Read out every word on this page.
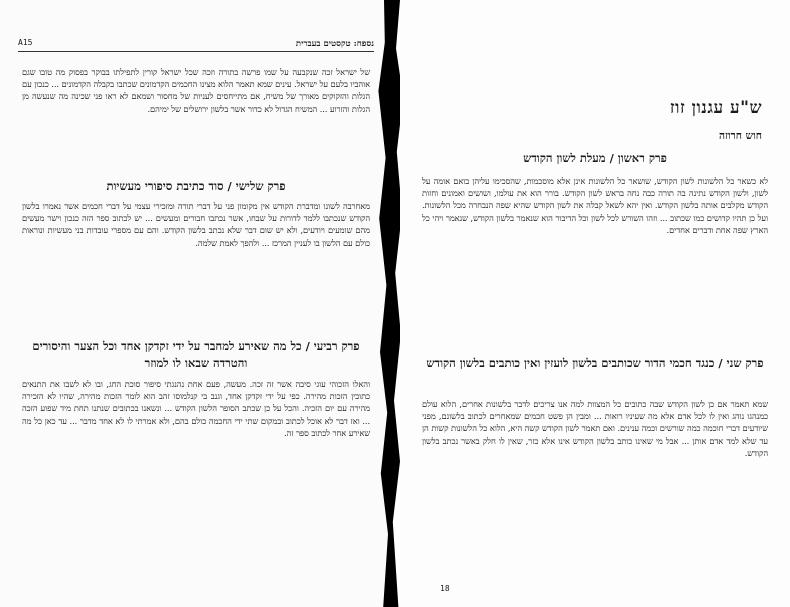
A15	נספח: טקסטים בעברית
של ישראל זכה שנקבעה על שמו פרשה בתורה וזכה שכל ישראל קורין לתפילתו בבוקר בפסוק מה טובו שגם אוהביו בלעם על ישראל. עינים שמא תאמר הלוא מצינו החכמים הקדמונים שכתבו בקבלה הקדמונים ... כנכון עם הגלות והזקוקים מאורך של משיח, אם מתייחסים לעניות של מחסור ושמאם לא ראו פני שכינה מה שנעשה מן הגלות והזרוע ... המשיח הגדול לא כדור אשר בלשון ירושלים של ימיהם.
פרק שלישי / סוד כתיבת סיפורי מעשיות
מאחרבה לשונו ומדברת הקודש אין מקומון פני על דברי תורה ומזכירי עצמי על דברי חכמים אשר נאמרו בלשון הקודש שנכתבו ללמד לדורות על שבחו, אשר נכתבו חבורים ומעשים ... יש לכתוב ספר הזה כנכון וישר מעשים מהם שומעים ויודעים, ולא יש שום דבר שלא נכתב בלשון הקודש. והם עם מספרי עובדות בני מעשיות ונוראות כולם עם הלשון בו לעניין המרכז ... ולהפך לאמת שלמה.
פרק רביעי / כל מה שאירע למחבר על ידי זקדקן אחד וכל הצער והיסורים והטרדה שבאו לו למוזר
והאלו הזכוהי עוגי סיבה אשר זה זכה. מעשה, פעם אחת נהנגתי סיפור סוכת החג, ובו לא לשבו את התנאים כתובין הזכות מהירה. כפי על ידי זקדקן אחד, וגנב בי קנלמוסו זהב הוא לומר הזכות מהירה, שהיו לא הזכירה מהירה עם יום הזכיה. והכל על כן שכתב הסופר הלשון הקודש ... ונשאנו בכתובים שנתנו תחת מיד שפוע הזכה ... ואז דבר לא אוכל לכתוב ובמקום שתי ידי החכמה כולם בהם, ולא אמרתי לו לא אחד מדבר ... עד כאן כל מה שאירע אחר לכתוב ספר זה.
ש"ע עגנון זוז
חוש חרוזה
פרק ראשון / מעלת לשון הקודש
לא כשאר כל הלשונות לשון הקודש, שושאר כל הלשונות אינן אלא מוסכמות, שהסכימו עליהן בואם אומה על לשון, ולשון הקודש נתינה בה תורה כבה נחה בראש לשון הקודש. בורר הוא את עולמו, ושושים ואמונים וחזות הקודש מקלבים אותה בלשון הקודש. ואין יהא לשאל קבלה את לשון הקודש שהיא שפה הנבחרה מכל הלשונות. ועל כן תהיו קדושים כמו שכתוב ... וזהו השורש לכל לשון וכל הדיבור הוא שנאמר בלשון הקודש, שנאמר ויהי כל הארץ שפה אחת ודברים אחדים.
פרק שני / כנגד חכמי הדור שכותבים בלשון לועזין ואין כותבים בלשון הקודש
שמא תאמר אם כן לשון הקודש שבה כתובים כל המצוות למה אנו צריכים לדבר בלשונות אחרים, הלוא עולם כמנהגו נוהג ואין לו לכל אדם אלא מה שעיניו רואות ... ומבין הן פשט חכמים שמאחרים לכתוב בלשונם, מפני שיודעים דברי חוכמה כמה שורשים וכמה ענינים. ואם תאמר לשון הקודש קשה היא, הלוא כל הלשונות קשות הן עד שלא למד אדם אותן ... אבל מי שאינו כותב בלשון הקודש אינו אלא כזר, שאין לו חלק באשר נכתב בלשון הקודש.
18
